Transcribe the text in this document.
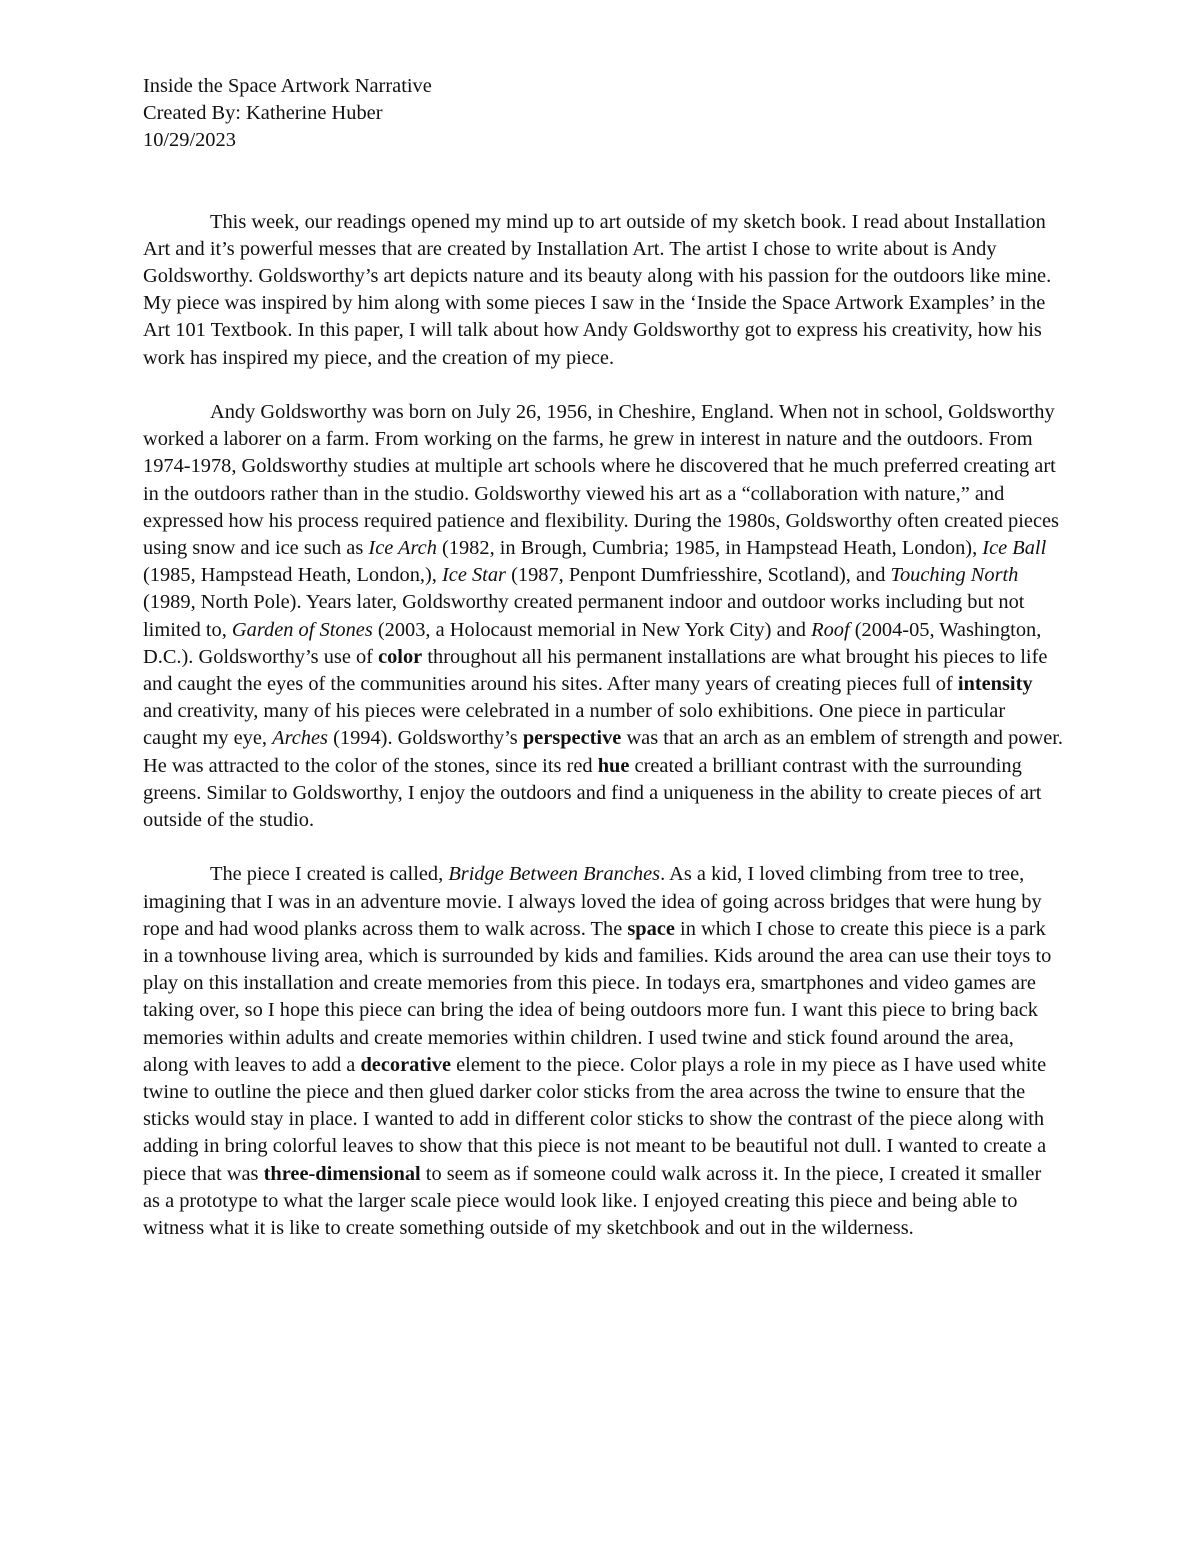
Inside the Space Artwork Narrative
Created By: Katherine Huber
10/29/2023

This week, our readings opened my mind up to art outside of my sketch book. I read about Installation Art and it’s powerful messes that are created by Installation Art. The artist I chose to write about is Andy Goldsworthy. Goldsworthy’s art depicts nature and its beauty along with his passion for the outdoors like mine. My piece was inspired by him along with some pieces I saw in the ‘Inside the Space Artwork Examples’ in the Art 101 Textbook. In this paper, I will talk about how Andy Goldsworthy got to express his creativity, how his work has inspired my piece, and the creation of my piece.

Andy Goldsworthy was born on July 26, 1956, in Cheshire, England. When not in school, Goldsworthy worked a laborer on a farm. From working on the farms, he grew in interest in nature and the outdoors. From 1974-1978, Goldsworthy studies at multiple art schools where he discovered that he much preferred creating art in the outdoors rather than in the studio. Goldsworthy viewed his art as a “collaboration with nature,” and expressed how his process required patience and flexibility. During the 1980s, Goldsworthy often created pieces using snow and ice such as Ice Arch (1982, in Brough, Cumbria; 1985, in Hampstead Heath, London), Ice Ball (1985, Hampstead Heath, London,), Ice Star (1987, Penpont Dumfriesshire, Scotland), and Touching North (1989, North Pole). Years later, Goldsworthy created permanent indoor and outdoor works including but not limited to, Garden of Stones (2003, a Holocaust memorial in New York City) and Roof (2004-05, Washington, D.C.). Goldsworthy’s use of color throughout all his permanent installations are what brought his pieces to life and caught the eyes of the communities around his sites. After many years of creating pieces full of intensity and creativity, many of his pieces were celebrated in a number of solo exhibitions. One piece in particular caught my eye, Arches (1994). Goldsworthy’s perspective was that an arch as an emblem of strength and power. He was attracted to the color of the stones, since its red hue created a brilliant contrast with the surrounding greens. Similar to Goldsworthy, I enjoy the outdoors and find a uniqueness in the ability to create pieces of art outside of the studio.

The piece I created is called, Bridge Between Branches. As a kid, I loved climbing from tree to tree, imagining that I was in an adventure movie. I always loved the idea of going across bridges that were hung by rope and had wood planks across them to walk across. The space in which I chose to create this piece is a park in a townhouse living area, which is surrounded by kids and families. Kids around the area can use their toys to play on this installation and create memories from this piece. In todays era, smartphones and video games are taking over, so I hope this piece can bring the idea of being outdoors more fun. I want this piece to bring back memories within adults and create memories within children. I used twine and stick found around the area, along with leaves to add a decorative element to the piece. Color plays a role in my piece as I have used white twine to outline the piece and then glued darker color sticks from the area across the twine to ensure that the sticks would stay in place. I wanted to add in different color sticks to show the contrast of the piece along with adding in bring colorful leaves to show that this piece is not meant to be beautiful not dull. I wanted to create a piece that was three-dimensional to seem as if someone could walk across it. In the piece, I created it smaller as a prototype to what the larger scale piece would look like. I enjoyed creating this piece and being able to witness what it is like to create something outside of my sketchbook and out in the wilderness.
